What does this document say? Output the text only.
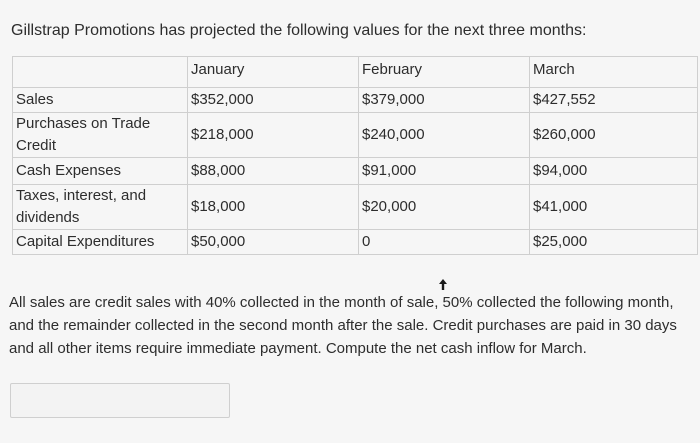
Gillstrap Promotions has projected the following values for the next three months:

	January	February	March
Sales	$352,000	$379,000	$427,552
Purchases on Trade Credit	$218,000	$240,000	$260,000
Cash Expenses	$88,000	$91,000	$94,000
Taxes, interest, and dividends	$18,000	$20,000	$41,000
Capital Expenditures	$50,000	0	$25,000

All sales are credit sales with 40% collected in the month of sale, 50% collected the following month, and the remainder collected in the second month after the sale. Credit purchases are paid in 30 days and all other items require immediate payment. Compute the net cash inflow for March.
